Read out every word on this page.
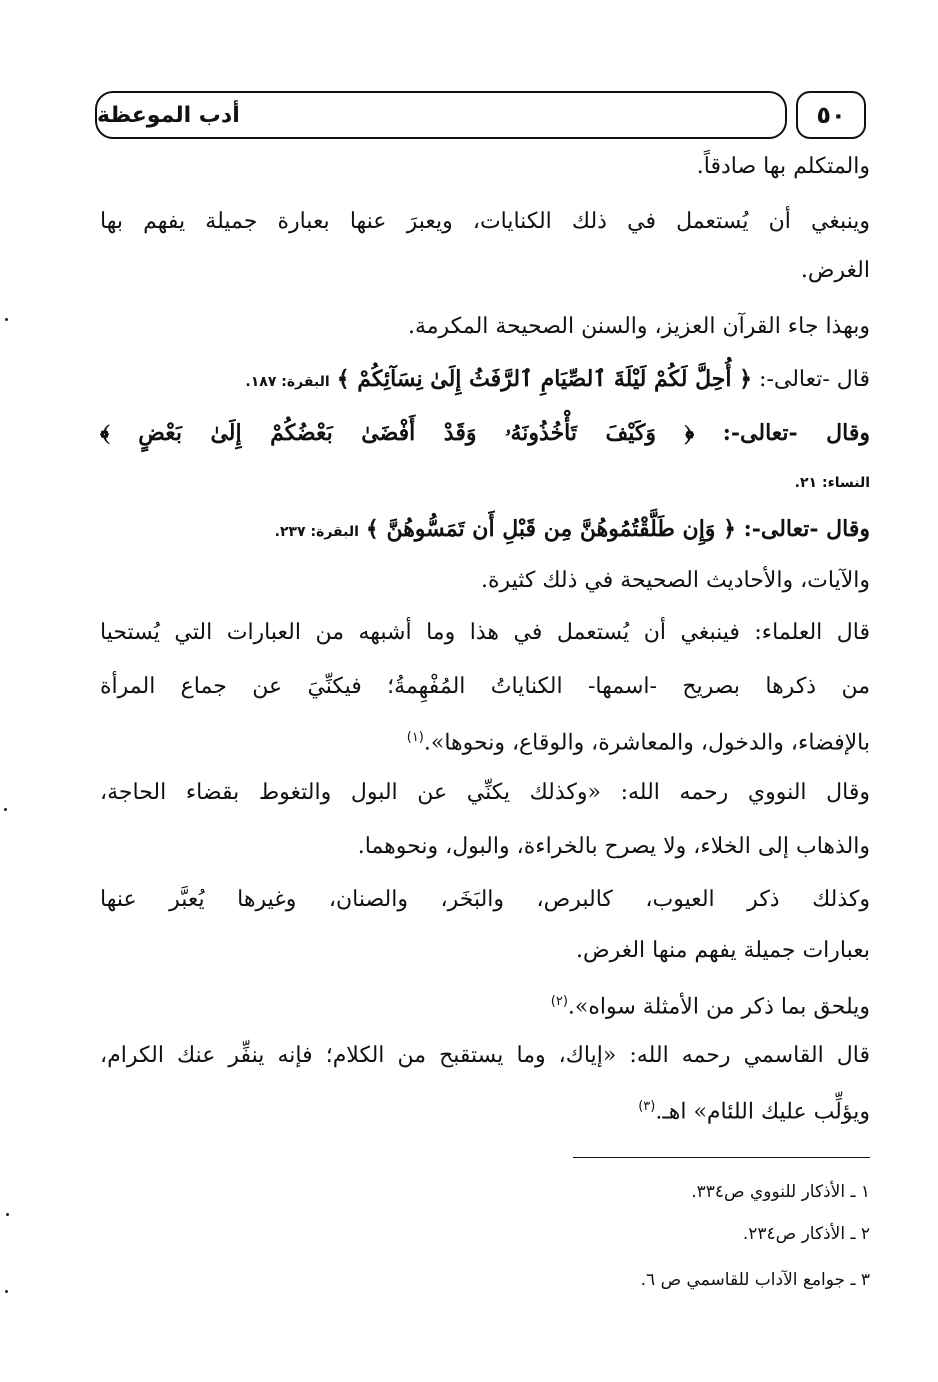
٥٠
أدب الموعظة
والمتكلم بها صادقاً.
وينبغي أن يُستعمل في ذلك الكنايات، ويعبرَ عنها بعبارة جميلة يفهم بها
الغرض.
وبهذا جاء القرآن العزيز، والسنن الصحيحة المكرمة.
قال -تعالى-: ﴿ أُحِلَّ لَكُمْ لَيْلَةَ ٱلصِّيَامِ ٱلرَّفَثُ إِلَىٰ نِسَآئِكُمْ ﴾ البقرة: ١٨٧.
وقال -تعالى-: ﴿ وَكَيْفَ تَأْخُذُونَهُۥ وَقَدْ أَفْضَىٰ بَعْضُكُمْ إِلَىٰ بَعْضٍ ﴾
النساء: ٢١.
وقال -تعالى-: ﴿ وَإِن طَلَّقْتُمُوهُنَّ مِن قَبْلِ أَن تَمَسُّوهُنَّ ﴾ البقرة: ٢٣٧.
والآيات، والأحاديث الصحيحة في ذلك كثيرة.
قال العلماء: فينبغي أن يُستعمل في هذا وما أشبهه من العبارات التي يُستحيا
من ذكرها بصريح -اسمها- الكناياتُ المُفْهِمةُ؛ فيكنِّيَ عن جماع المرأة
بالإفضاء، والدخول، والمعاشرة، والوقاع، ونحوها».$^{(١)}$
وقال النووي رحمه الله: «وكذلك يكنِّي عن البول والتغوط بقضاء الحاجة،
والذهاب إلى الخلاء، ولا يصرح بالخراءة، والبول، ونحوهما.
وكذلك ذكر العيوب، كالبرص، والبَخَر، والصنان، وغيرها يُعبَّر عنها
بعبارات جميلة يفهم منها الغرض.
ويلحق بما ذكر من الأمثلة سواه».$^{(٢)}$
قال القاسمي رحمه الله: «إياك، وما يستقبح من الكلام؛ فإنه ينفِّر عنك الكرام،
ويؤلِّب عليك اللئام» اهـ.$^{(٣)}$
١ ـ الأذكار للنووي ص٣٣٤.
٢ ـ الأذكار ص٢٣٤.
٣ ـ جوامع الآداب للقاسمي ص ٦.
